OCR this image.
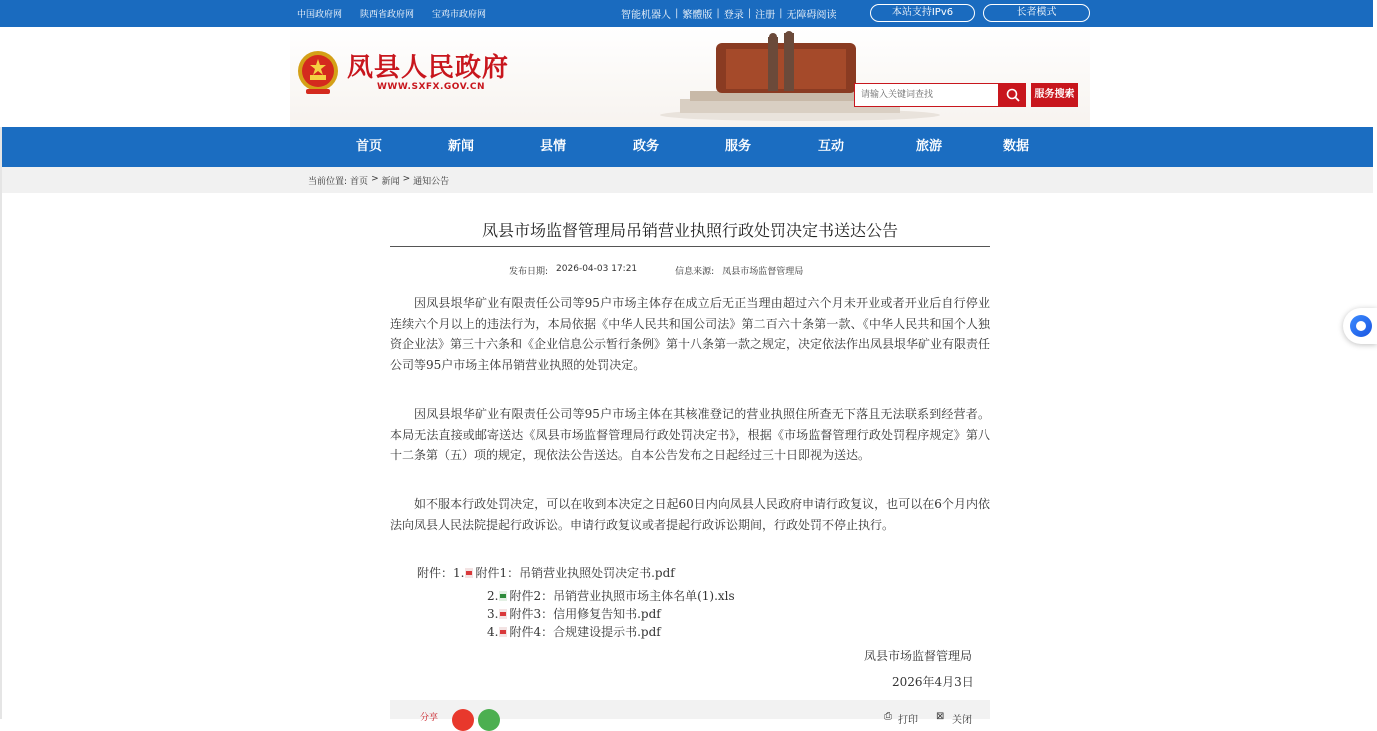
中国政府网 陕西省政府网 宝鸡市政府网	智能机器人 | 繁體版 | 登录 | 注册 | 无障碍阅读	本站支持IPv6	长者模式
凤县人民政府
WWW.SXFX.GOV.CN
请输入关键词查找	服务搜索
首页	新闻	县情	政务	服务	互动	旅游	数据
当前位置: 首页 > 新闻 > 通知公告
凤县市场监督管理局吊销营业执照行政处罚决定书送达公告
发布日期: 2026-04-03 17:21	信息来源: 凤县市场监督管理局

因凤县垠华矿业有限责任公司等95户市场主体存在成立后无正当理由超过六个月未开业或者开业后自行停业连续六个月以上的违法行为，本局依据《中华人民共和国公司法》第二百六十条第一款、《中华人民共和国个人独资企业法》第三十六条和《企业信息公示暂行条例》第十八条第一款之规定，决定依法作出凤县垠华矿业有限责任公司等95户市场主体吊销营业执照的处罚决定。

因凤县垠华矿业有限责任公司等95户市场主体在其核准登记的营业执照住所查无下落且无法联系到经营者。本局无法直接或邮寄送达《凤县市场监督管理局行政处罚决定书》，根据《市场监督管理行政处罚程序规定》第八十二条第（五）项的规定，现依法公告送达。自本公告发布之日起经过三十日即视为送达。

如不服本行政处罚决定，可以在收到本决定之日起60日内向凤县人民政府申请行政复议，也可以在6个月内依法向凤县人民法院提起行政诉讼。申请行政复议或者提起行政诉讼期间，行政处罚不停止执行。

附件： 1. 附件1：吊销营业执照处罚决定书.pdf
2. 附件2：吊销营业执照市场主体名单(1).xls
3. 附件3：信用修复告知书.pdf
4. 附件4：合规建设提示书.pdf
凤县市场监督管理局
2026年4月3日
分享	⎙ 打印 ⊠ 关闭
